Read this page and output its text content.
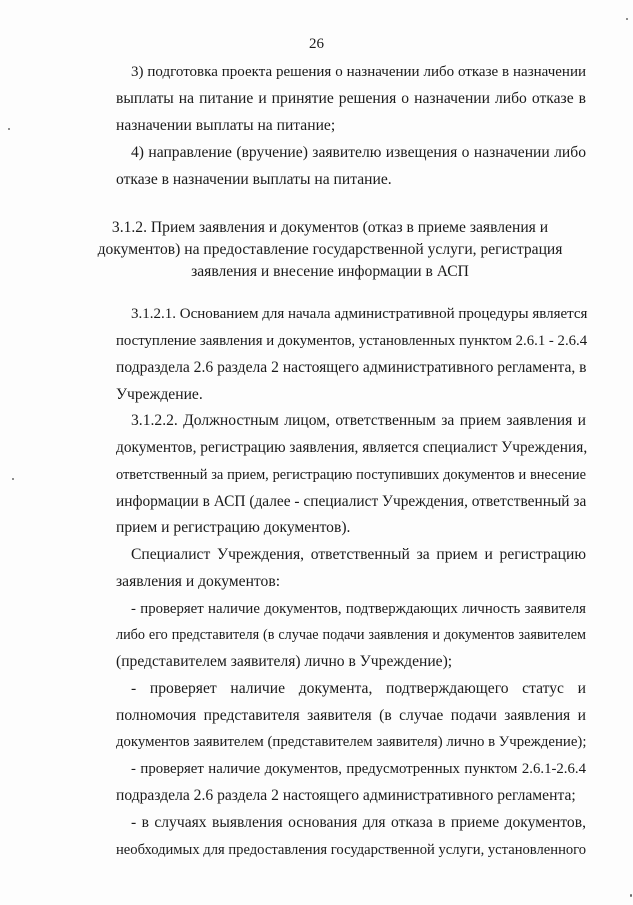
26
3) подготовка проекта решения о назначении либо отказе в назначении
выплаты на питание и принятие решения о назначении либо отказе в
назначении выплаты на питание;
4) направление (вручение) заявителю извещения о назначении либо
отказе в назначении выплаты на питание.
3.1.2. Прием заявления и документов (отказ в приеме заявления и
документов) на предоставление государственной услуги, регистрация
заявления и внесение информации в АСП
3.1.2.1. Основанием для начала административной процедуры является
поступление заявления и документов, установленных пунктом 2.6.1 - 2.6.4
подраздела 2.6 раздела 2 настоящего административного регламента, в
Учреждение.
3.1.2.2. Должностным лицом, ответственным за прием заявления и
документов, регистрацию заявления, является специалист Учреждения,
ответственный за прием, регистрацию поступивших документов и внесение
информации в АСП (далее - специалист Учреждения, ответственный за
прием и регистрацию документов).
Специалист Учреждения, ответственный за прием и регистрацию
заявления и документов:
- проверяет наличие документов, подтверждающих личность заявителя
либо его представителя (в случае подачи заявления и документов заявителем
(представителем заявителя) лично в Учреждение);
- проверяет наличие документа, подтверждающего статус и
полномочия представителя заявителя (в случае подачи заявления и
документов заявителем (представителем заявителя) лично в Учреждение);
- проверяет наличие документов, предусмотренных пунктом 2.6.1-2.6.4
подраздела 2.6 раздела 2 настоящего административного регламента;
- в случаях выявления основания для отказа в приеме документов,
необходимых для предоставления государственной услуги, установленного
